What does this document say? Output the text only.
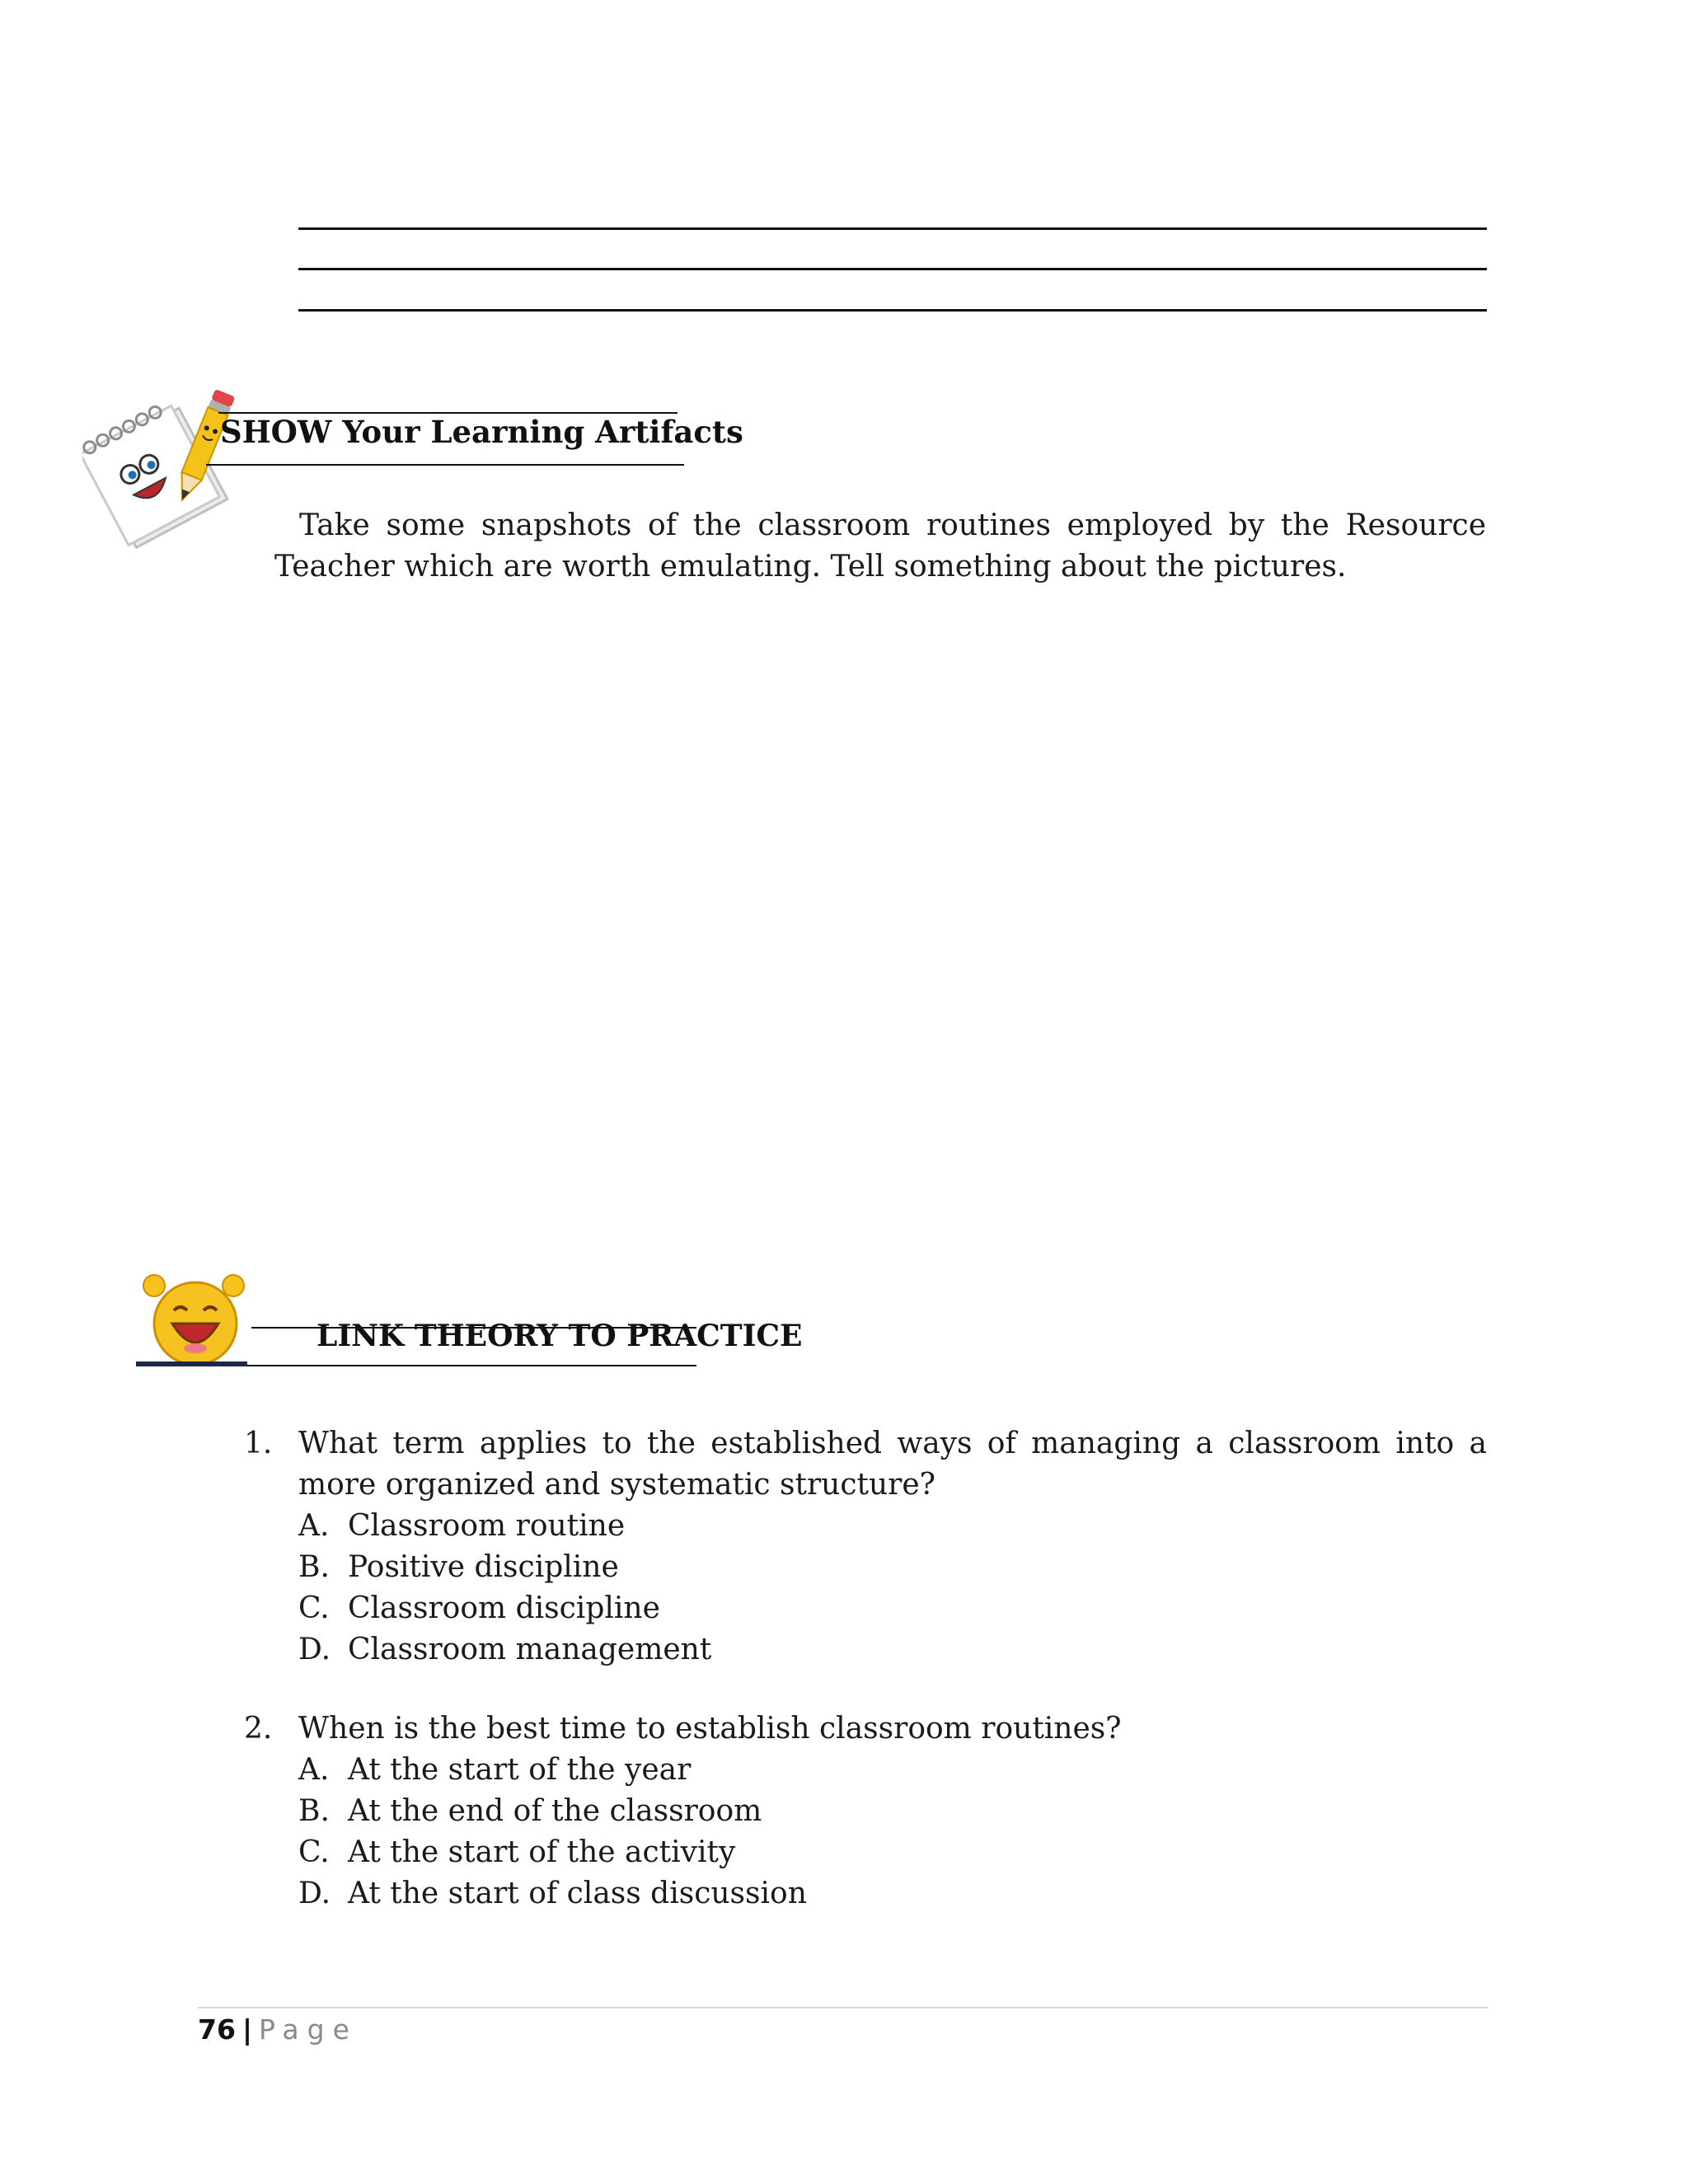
SHOW Your Learning Artifacts
Take some snapshots of the classroom routines employed by the Resource Teacher which are worth emulating. Tell something about the pictures.
LINK THEORY TO PRACTICE
1. What term applies to the established ways of managing a classroom into a more organized and systematic structure?
A. Classroom routine
B. Positive discipline
C. Classroom discipline
D. Classroom management
2. When is the best time to establish classroom routines?
A. At the start of the year
B. At the end of the classroom
C. At the start of the activity
D. At the start of class discussion
76 | Page
